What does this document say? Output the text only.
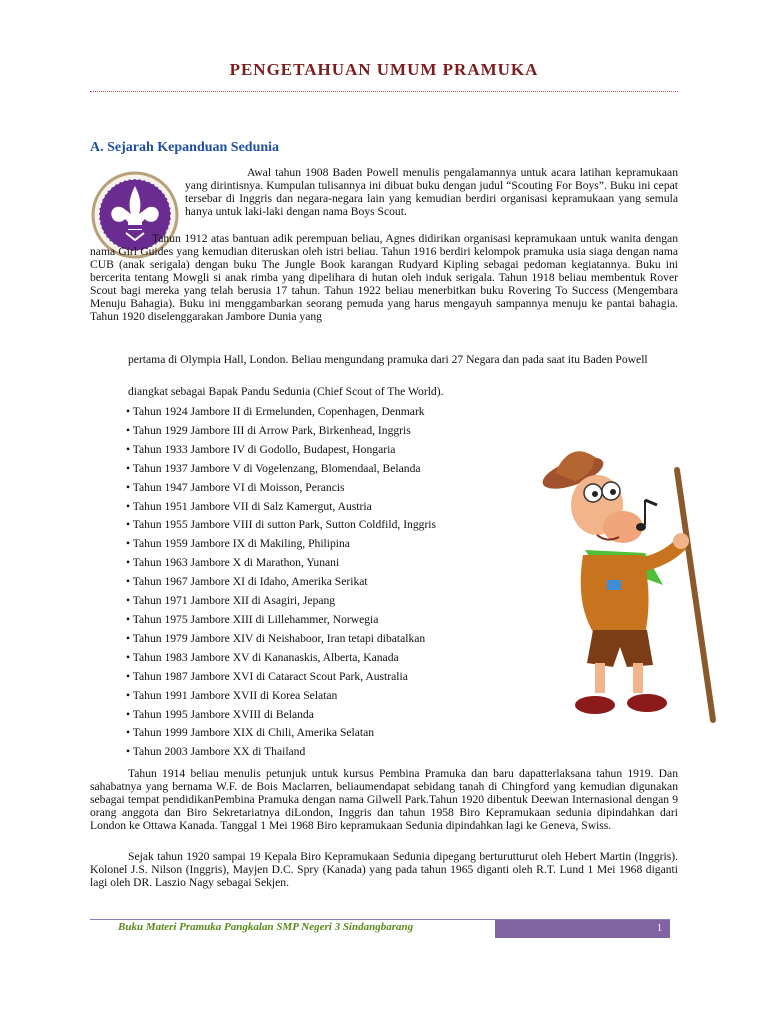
PENGETAHUAN UMUM PRAMUKA
A. Sejarah Kepanduan Sedunia

Awal tahun 1908 Baden Powell menulis pengalamannya untuk acara latihan kepramukaan yang dirintisnya. Kumpulan tulisannya ini dibuat buku dengan judul “Scouting For Boys”. Buku ini cepat tersebar di Inggris dan negara-negara lain yang kemudian berdiri organisasi kepramukaan yang semula hanya untuk laki-laki dengan nama Boys Scout.

Tahun 1912 atas bantuan adik perempuan beliau, Agnes didirikan organisasi kepramukaan untuk wanita dengan nama Girl Guides yang kemudian diteruskan oleh istri beliau. Tahun 1916 berdiri kelompok pramuka usia siaga dengan nama CUB (anak serigala) dengan buku The Jungle Book karangan Rudyard Kipling sebagai pedoman kegiatannya. Buku ini bercerita tentang Mowgli si anak rimba yang dipelihara di hutan oleh induk serigala. Tahun 1918 beliau membentuk Rover Scout bagi mereka yang telah berusia 17 tahun. Tahun 1922 beliau menerbitkan buku Rovering To Success (Mengembara Menuju Bahagia). Buku ini menggambarkan seorang pemuda yang harus mengayuh sampannya menuju ke pantai bahagia. Tahun 1920 diselenggarakan Jambore Dunia yang

pertama di Olympia Hall, London. Beliau mengundang pramuka dari 27 Negara dan pada saat itu Baden Powell

diangkat sebagai Bapak Pandu Sedunia (Chief Scout of The World).

• Tahun 1924 Jambore II di Ermelunden, Copenhagen, Denmark
• Tahun 1929 Jambore III di Arrow Park, Birkenhead, Inggris
• Tahun 1933 Jambore IV di Godollo, Budapest, Hongaria
• Tahun 1937 Jambore V di Vogelenzang, Blomendaal, Belanda
• Tahun 1947 Jambore VI di Moisson, Perancis
• Tahun 1951 Jambore VII di Salz Kamergut, Austria
• Tahun 1955 Jambore VIII di sutton Park, Sutton Coldfild, Inggris
• Tahun 1959 Jambore IX di Makiling, Philipina
• Tahun 1963 Jambore X di Marathon, Yunani
• Tahun 1967 Jambore XI di Idaho, Amerika Serikat
• Tahun 1971 Jambore XII di Asagiri, Jepang
• Tahun 1975 Jambore XIII di Lillehammer, Norwegia
• Tahun 1979 Jambore XIV di Neishaboor, Iran tetapi dibatalkan
• Tahun 1983 Jambore XV di Kananaskis, Alberta, Kanada
• Tahun 1987 Jambore XVI di Cataract Scout Park, Australia
• Tahun 1991 Jambore XVII di Korea Selatan
• Tahun 1995 Jambore XVIII di Belanda
• Tahun 1999 Jambore XIX di Chili, Amerika Selatan
• Tahun 2003 Jambore XX di Thailand

Tahun 1914 beliau menulis petunjuk untuk kursus Pembina Pramuka dan baru dapatterlaksana tahun 1919. Dan sahabatnya yang bernama W.F. de Bois Maclarren, beliaumendapat sebidang tanah di Chingford yang kemudian digunakan sebagai tempat pendidikanPembina Pramuka dengan nama Gilwell Park.Tahun 1920 dibentuk Deewan Internasional dengan 9 orang anggota dan Biro Sekretariatnya diLondon, Inggris dan tahun 1958 Biro Kepramukaan sedunia dipindahkan dari London ke Ottawa Kanada. Tanggal 1 Mei 1968 Biro kepramukaan Sedunia dipindahkan lagi ke Geneva, Swiss.

Sejak tahun 1920 sampai 19 Kepala Biro Kepramukaan Sedunia dipegang berturutturut oleh Hebert Martin (Inggris). Kolonel J.S. Nilson (Inggris), Mayjen D.C. Spry (Kanada) yang pada tahun 1965 diganti oleh R.T. Lund 1 Mei 1968 diganti lagi oleh DR. Laszio Nagy sebagai Sekjen.

Buku Materi Pramuka Pangkalan SMP Negeri 3 Sindangbarang	1
